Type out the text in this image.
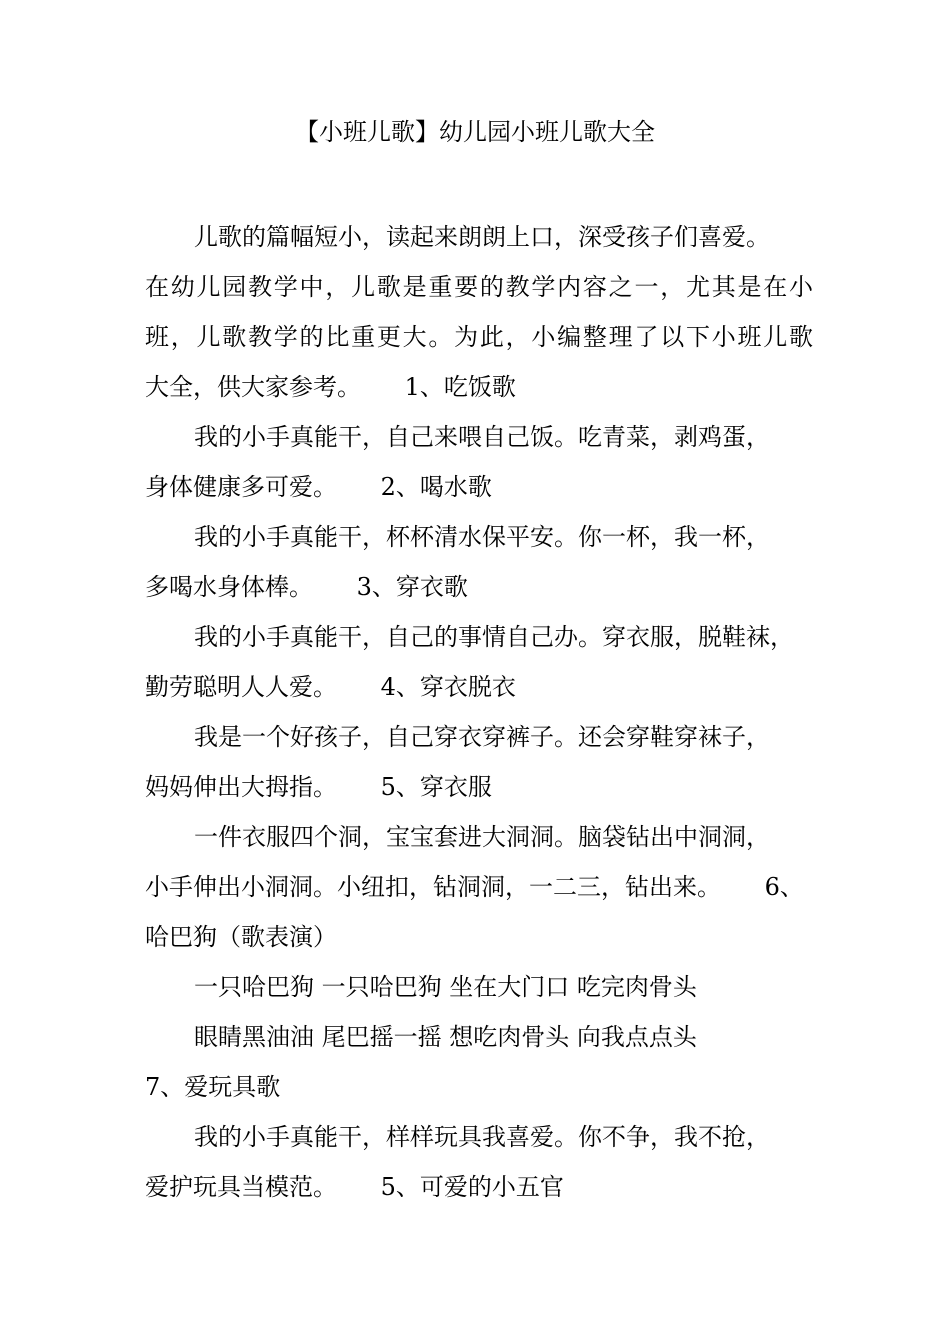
【小班儿歌】幼儿园小班儿歌大全
儿歌的篇幅短小，读起来朗朗上口，深受孩子们喜爱。
在幼儿园教学中，儿歌是重要的教学内容之一，尤其是在小
班，儿歌教学的比重更大。为此，小编整理了以下小班儿歌
大全，供大家参考。　　 1、吃饭歌
我的小手真能干，自己来喂自己饭。吃青菜，剥鸡蛋，
身体健康多可爱。　　 2、喝水歌
我的小手真能干，杯杯清水保平安。你一杯，我一杯，
多喝水身体棒。　　 3、穿衣歌
我的小手真能干，自己的事情自己办。穿衣服，脱鞋袜，
勤劳聪明人人爱。　　 4、穿衣脱衣
我是一个好孩子，自己穿衣穿裤子。还会穿鞋穿袜子，
妈妈伸出大拇指。　　 5、穿衣服
一件衣服四个洞，宝宝套进大洞洞。脑袋钻出中洞洞，
小手伸出小洞洞。小纽扣，钻洞洞，一二三，钻出来。　　 6、
哈巴狗（歌表演）
一只哈巴狗 一只哈巴狗 坐在大门口 吃完肉骨头
眼睛黑油油 尾巴摇一摇 想吃肉骨头 向我点点头
7、爱玩具歌
我的小手真能干，样样玩具我喜爱。你不争，我不抢，
爱护玩具当模范。　　 5、可爱的小五官
